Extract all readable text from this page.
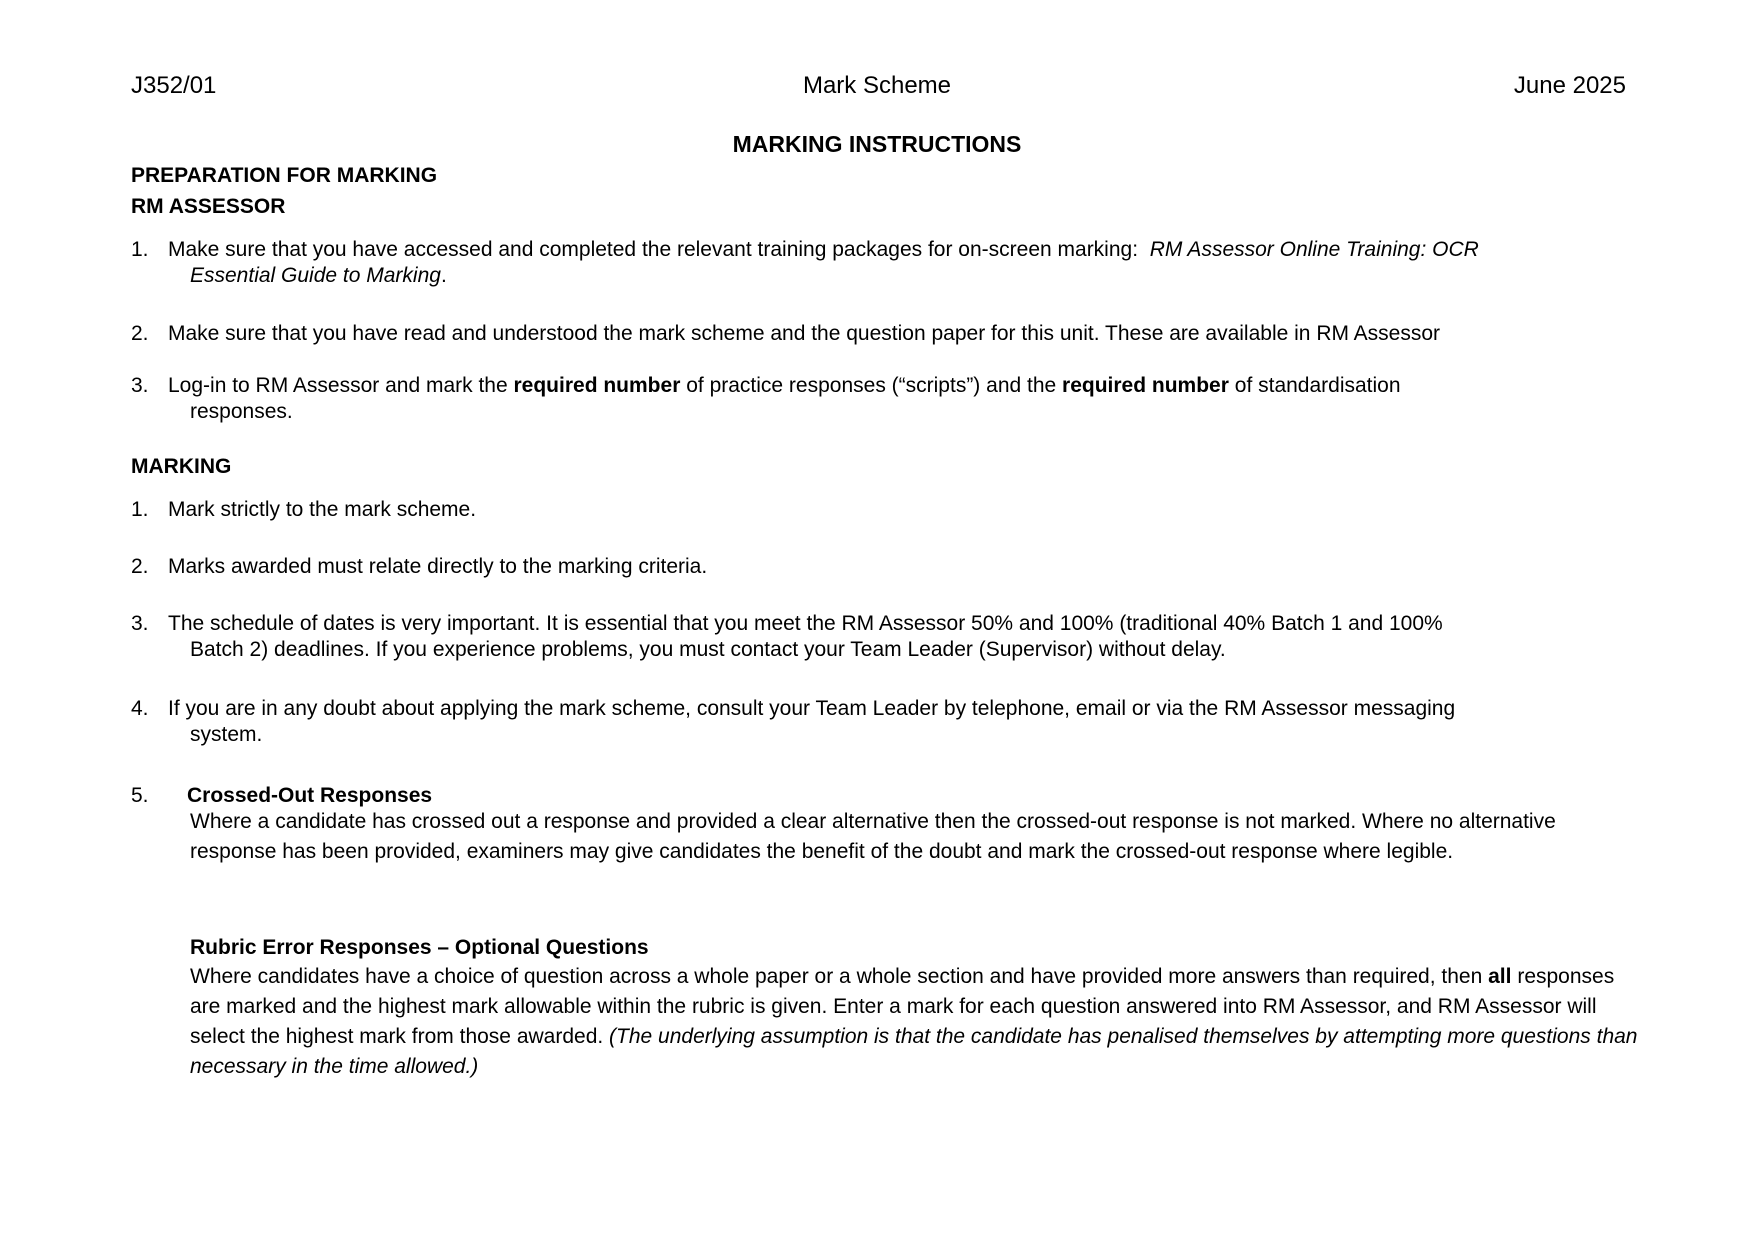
J352/01	Mark Scheme	June 2025
MARKING INSTRUCTIONS
PREPARATION FOR MARKING
RM ASSESSOR
1. Make sure that you have accessed and completed the relevant training packages for on-screen marking: RM Assessor Online Training: OCR
Essential Guide to Marking.
2. Make sure that you have read and understood the mark scheme and the question paper for this unit. These are available in RM Assessor
3. Log-in to RM Assessor and mark the required number of practice responses (“scripts”) and the required number of standardisation
responses.
MARKING
1. Mark strictly to the mark scheme.
2. Marks awarded must relate directly to the marking criteria.
3. The schedule of dates is very important. It is essential that you meet the RM Assessor 50% and 100% (traditional 40% Batch 1 and 100%
Batch 2) deadlines. If you experience problems, you must contact your Team Leader (Supervisor) without delay.
4. If you are in any doubt about applying the mark scheme, consult your Team Leader by telephone, email or via the RM Assessor messaging
system.
5. Crossed-Out Responses
Where a candidate has crossed out a response and provided a clear alternative then the crossed-out response is not marked. Where no alternative response has been provided, examiners may give candidates the benefit of the doubt and mark the crossed-out response where legible.
Rubric Error Responses – Optional Questions
Where candidates have a choice of question across a whole paper or a whole section and have provided more answers than required, then all responses are marked and the highest mark allowable within the rubric is given. Enter a mark for each question answered into RM Assessor, and RM Assessor will select the highest mark from those awarded. (The underlying assumption is that the candidate has penalised themselves by attempting more questions than necessary in the time allowed.)
